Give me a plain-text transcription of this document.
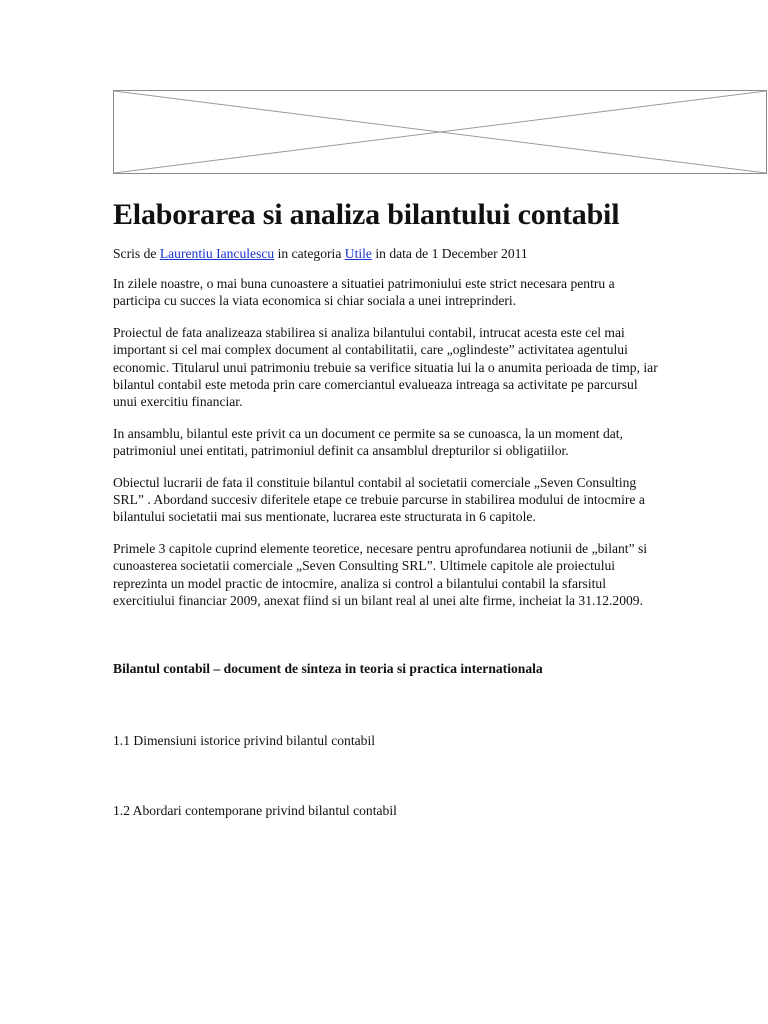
Elaborarea si analiza bilantului contabil
Scris de Laurentiu Ianculescu in categoria Utile in data de 1 December 2011

In zilele noastre, o mai buna cunoastere a situatiei patrimoniului este strict necesara pentru a participa cu succes la viata economica si chiar sociala a unei intreprinderi.

Proiectul de fata analizeaza stabilirea si analiza bilantului contabil, intrucat acesta este cel mai important si cel mai complex document al contabilitatii, care „oglindeste” activitatea agentului economic. Titularul unui patrimoniu trebuie sa verifice situatia lui la o anumita perioada de timp, iar bilantul contabil este metoda prin care comerciantul evalueaza intreaga sa activitate pe parcursul unui exercitiu financiar.

In ansamblu, bilantul este privit ca un document ce permite sa se cunoasca, la un moment dat, patrimoniul unei entitati, patrimoniul definit ca ansamblul drepturilor si obligatiilor.

Obiectul lucrarii de fata il constituie bilantul contabil al societatii comerciale „Seven Consulting SRL” . Abordand succesiv diferitele etape ce trebuie parcurse in stabilirea modului de intocmire a bilantului societatii mai sus mentionate, lucrarea este structurata in 6 capitole.

Primele 3 capitole cuprind elemente teoretice, necesare pentru aprofundarea notiunii de „bilant” si cunoasterea societatii comerciale „Seven Consulting SRL”. Ultimele capitole ale proiectului reprezinta un model practic de intocmire, analiza si control a bilantului contabil la sfarsitul exercitiului financiar 2009, anexat fiind si un bilant real al unei alte firme, incheiat la 31.12.2009.

Bilantul contabil – document de sinteza in teoria si practica internationala
1.1 Dimensiuni istorice privind bilantul contabil
1.2 Abordari contemporane privind bilantul contabil
